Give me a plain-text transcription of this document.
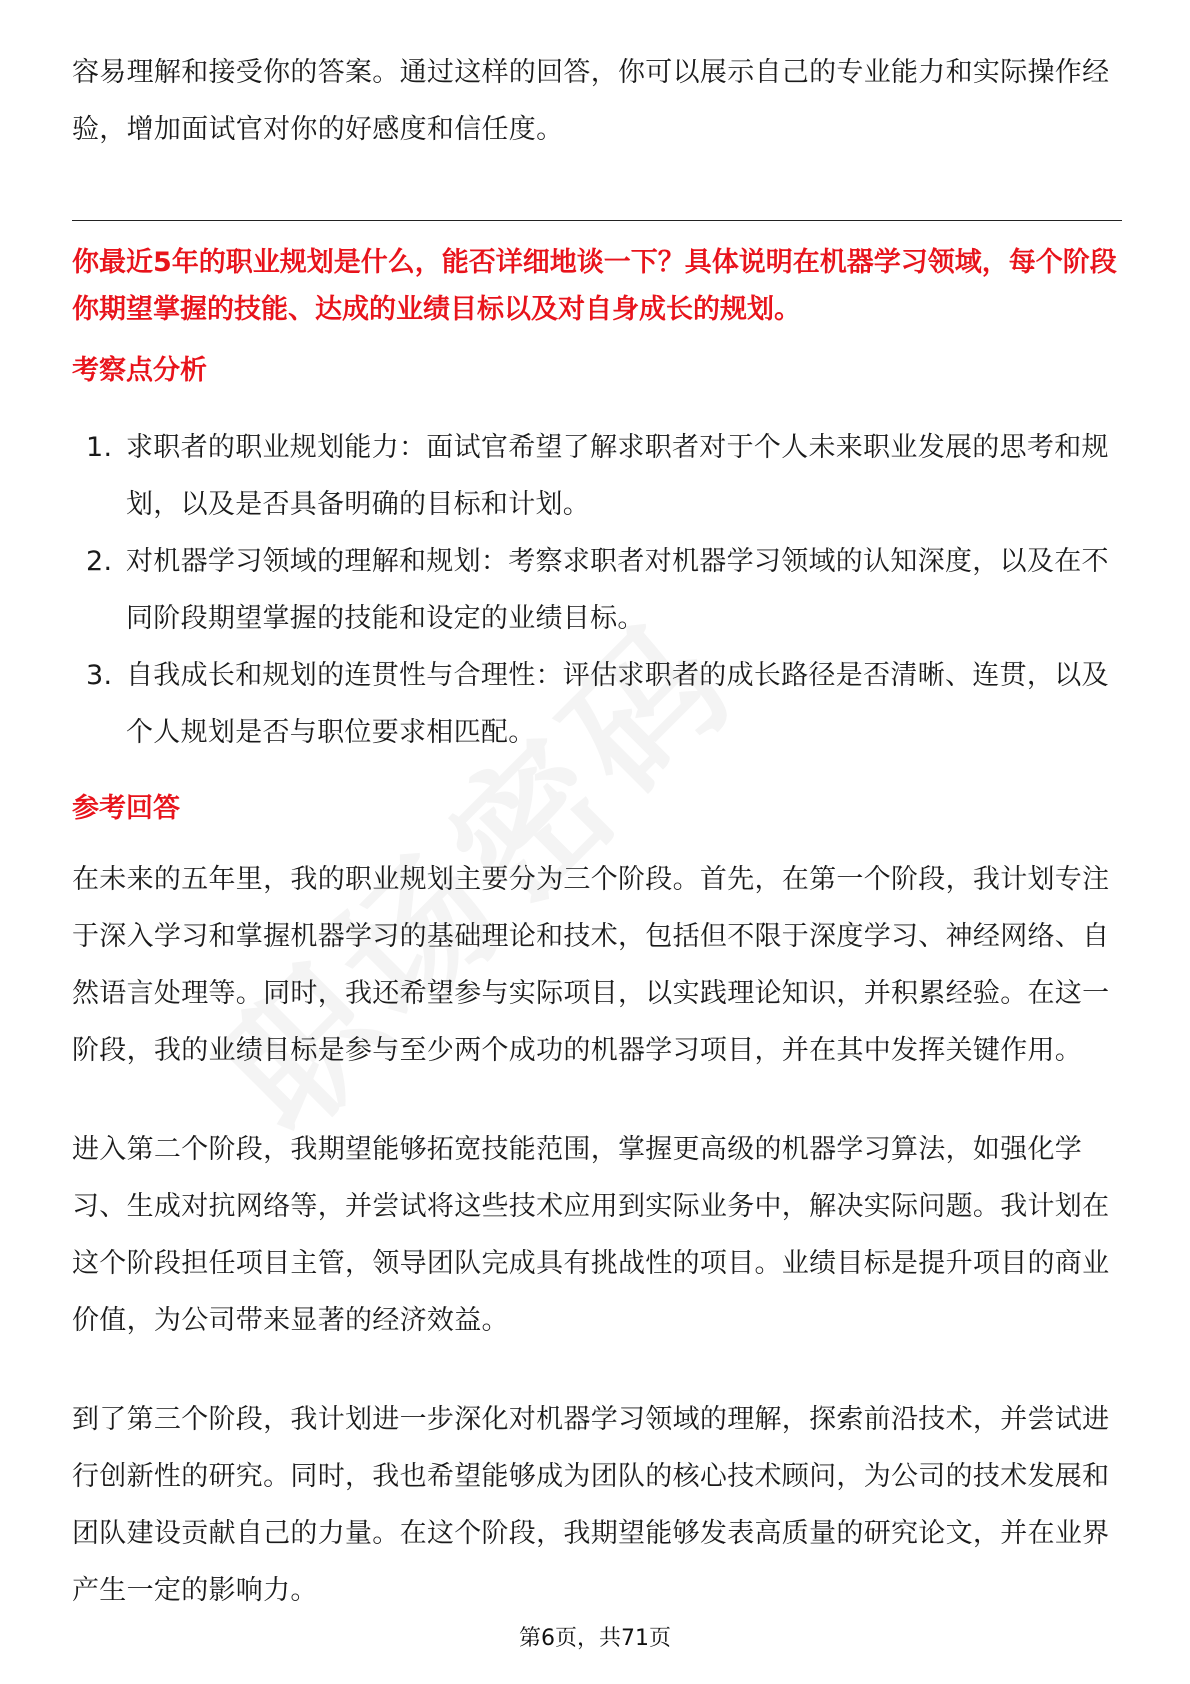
容易理解和接受你的答案。通过这样的回答，你可以展示自己的专业能力和实际操作经验，增加面试官对你的好感度和信任度。

你最近5年的职业规划是什么，能否详细地谈一下？具体说明在机器学习领域，每个阶段你期望掌握的技能、达成的业绩目标以及对自身成长的规划。

考察点分析
1. 求职者的职业规划能力：面试官希望了解求职者对于个人未来职业发展的思考和规划，以及是否具备明确的目标和计划。
2. 对机器学习领域的理解和规划：考察求职者对机器学习领域的认知深度，以及在不同阶段期望掌握的技能和设定的业绩目标。
3. 自我成长和规划的连贯性与合理性：评估求职者的成长路径是否清晰、连贯，以及个人规划是否与职位要求相匹配。
参考回答

在未来的五年里，我的职业规划主要分为三个阶段。首先，在第一个阶段，我计划专注于深入学习和掌握机器学习的基础理论和技术，包括但不限于深度学习、神经网络、自然语言处理等。同时，我还希望参与实际项目，以实践理论知识，并积累经验。在这一阶段，我的业绩目标是参与至少两个成功的机器学习项目，并在其中发挥关键作用。

进入第二个阶段，我期望能够拓宽技能范围，掌握更高级的机器学习算法，如强化学习、生成对抗网络等，并尝试将这些技术应用到实际业务中，解决实际问题。我计划在这个阶段担任项目主管，领导团队完成具有挑战性的项目。业绩目标是提升项目的商业价值，为公司带来显著的经济效益。

到了第三个阶段，我计划进一步深化对机器学习领域的理解，探索前沿技术，并尝试进行创新性的研究。同时，我也希望能够成为团队的核心技术顾问，为公司的技术发展和团队建设贡献自己的力量。在这个阶段，我期望能够发表高质量的研究论文，并在业界产生一定的影响力。

第6页，共71页
